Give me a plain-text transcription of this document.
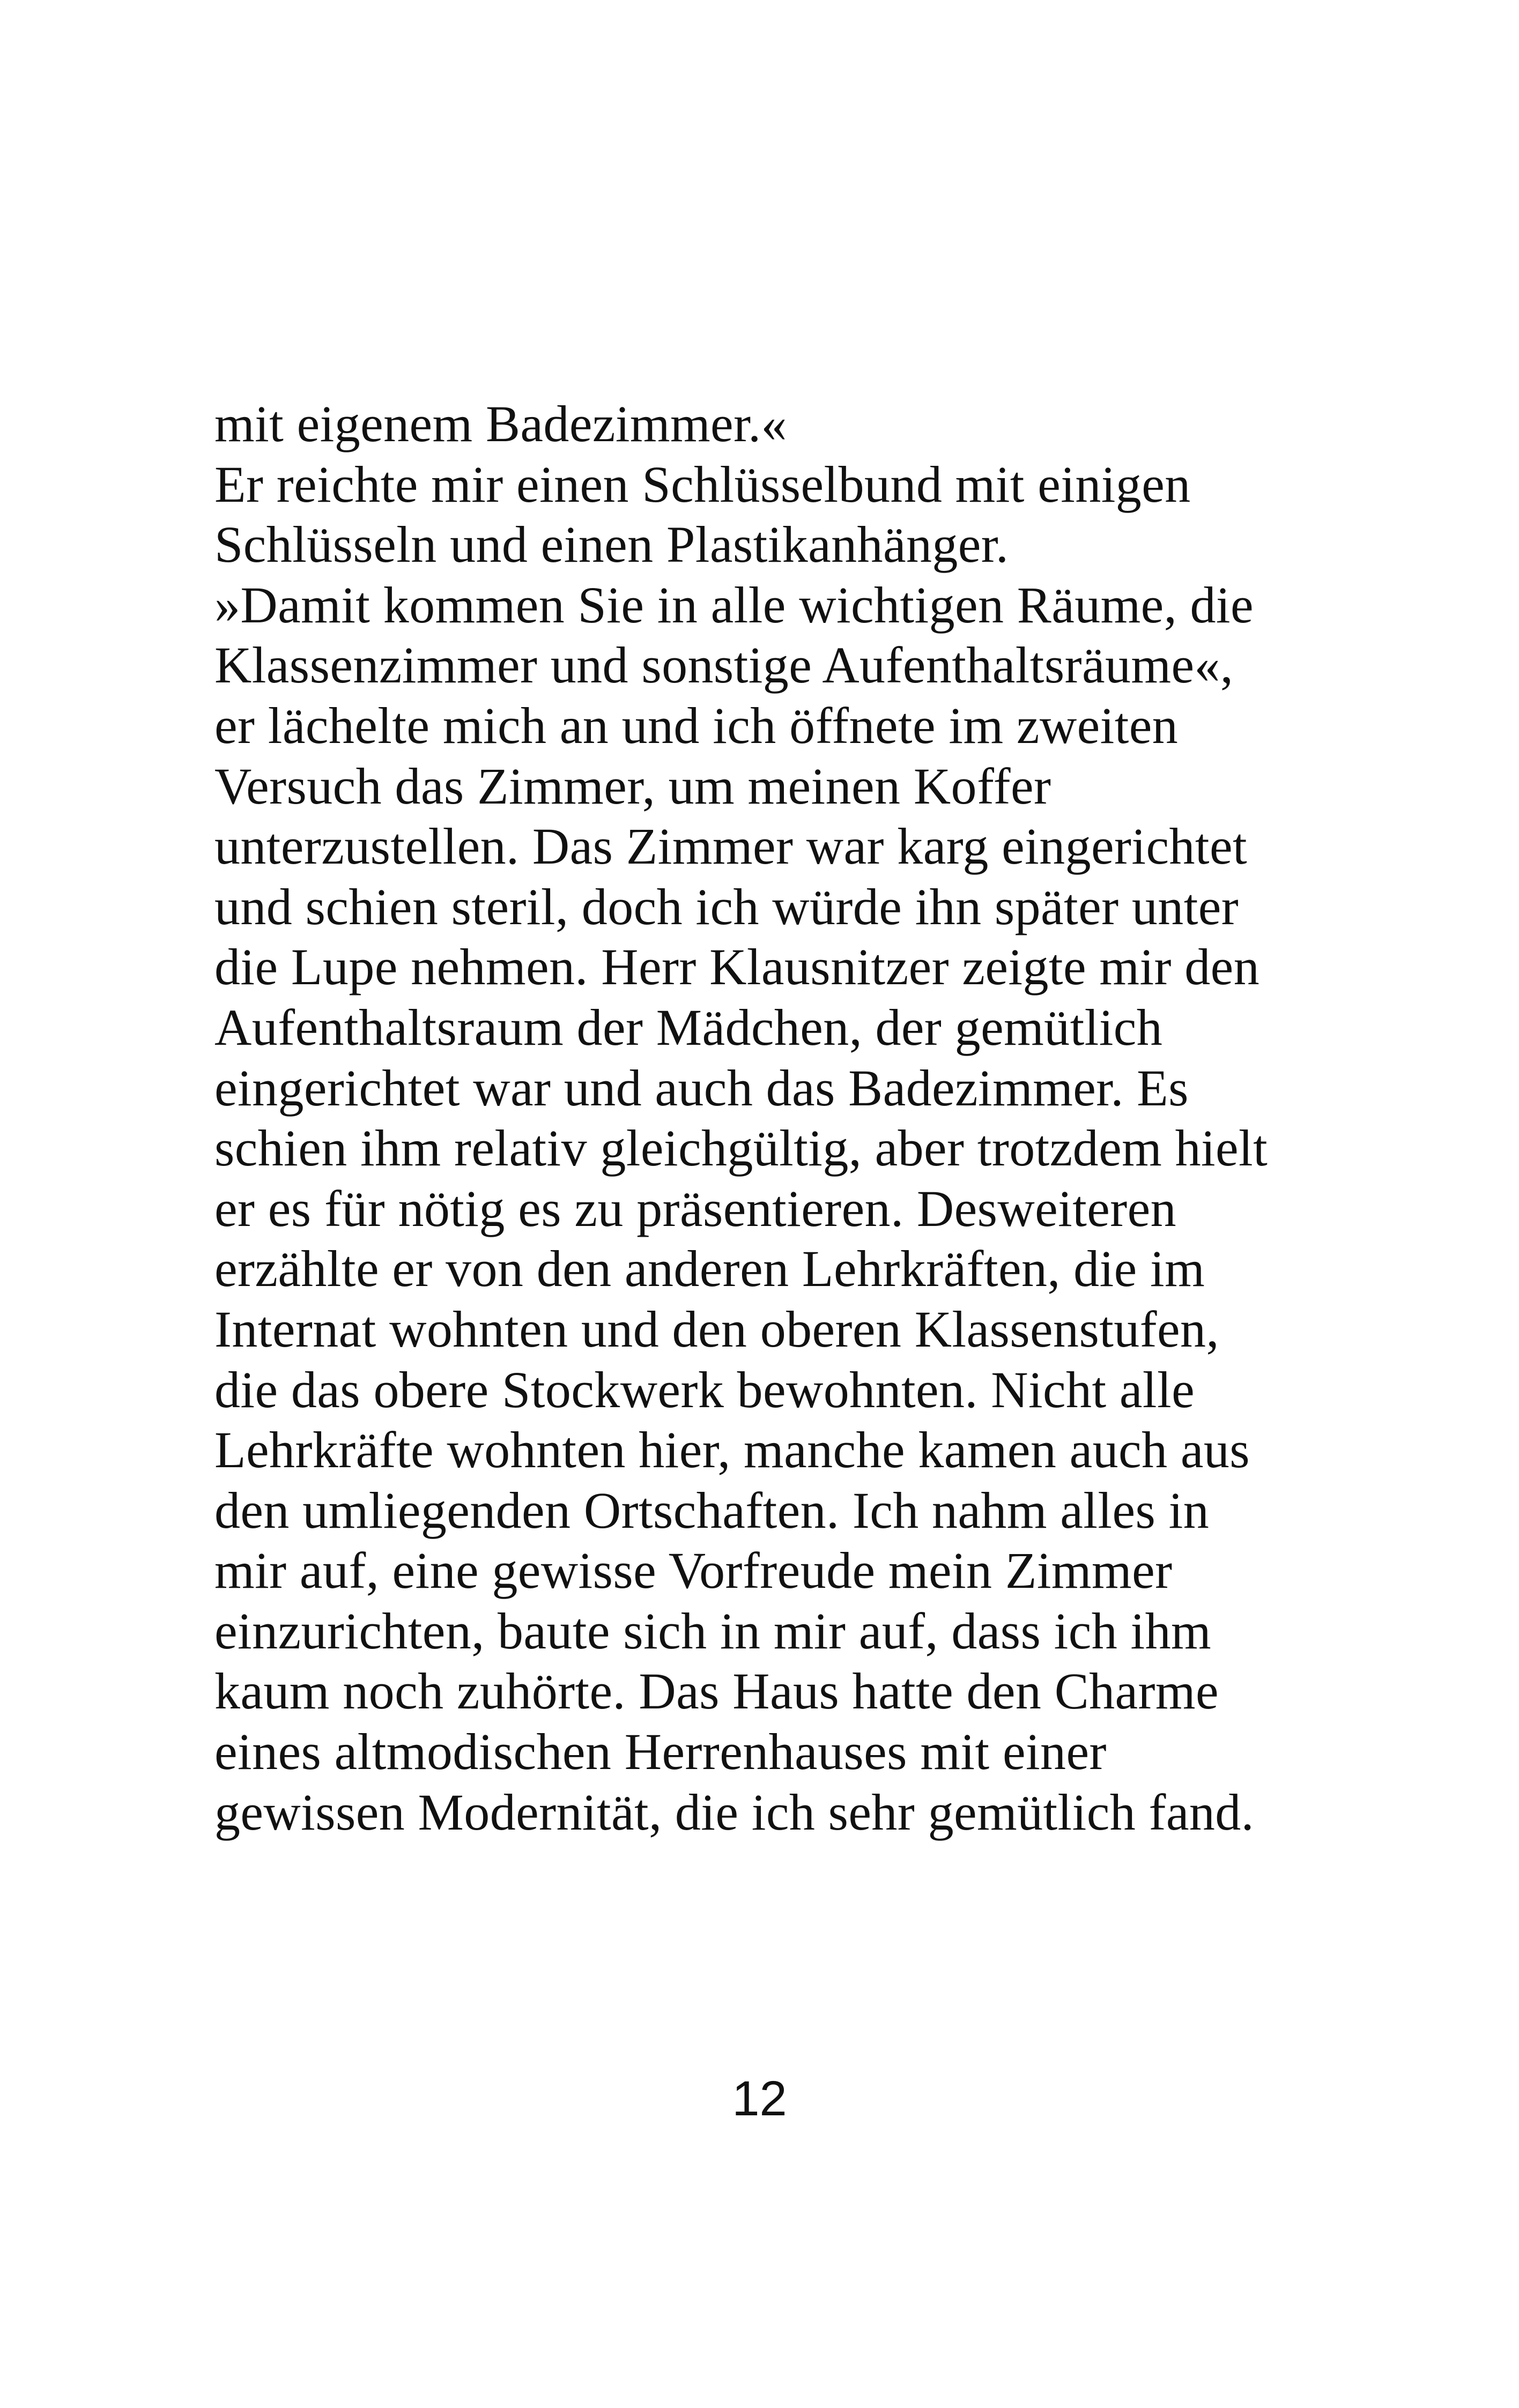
mit eigenem Badezimmer.«
Er reichte mir einen Schlüsselbund mit einigen
Schlüsseln und einen Plastikanhänger.
»Damit kommen Sie in alle wichtigen Räume, die
Klassenzimmer und sonstige Aufenthaltsräume«,
er lächelte mich an und ich öffnete im zweiten
Versuch das Zimmer, um meinen Koffer
unterzustellen. Das Zimmer war karg eingerichtet
und schien steril, doch ich würde ihn später unter
die Lupe nehmen. Herr Klausnitzer zeigte mir den
Aufenthaltsraum der Mädchen, der gemütlich
eingerichtet war und auch das Badezimmer. Es
schien ihm relativ gleichgültig, aber trotzdem hielt
er es für nötig es zu präsentieren. Desweiteren
erzählte er von den anderen Lehrkräften, die im
Internat wohnten und den oberen Klassenstufen,
die das obere Stockwerk bewohnten. Nicht alle
Lehrkräfte wohnten hier, manche kamen auch aus
den umliegenden Ortschaften. Ich nahm alles in
mir auf, eine gewisse Vorfreude mein Zimmer
einzurichten, baute sich in mir auf, dass ich ihm
kaum noch zuhörte. Das Haus hatte den Charme
eines altmodischen Herrenhauses mit einer
gewissen Modernität, die ich sehr gemütlich fand.
12
